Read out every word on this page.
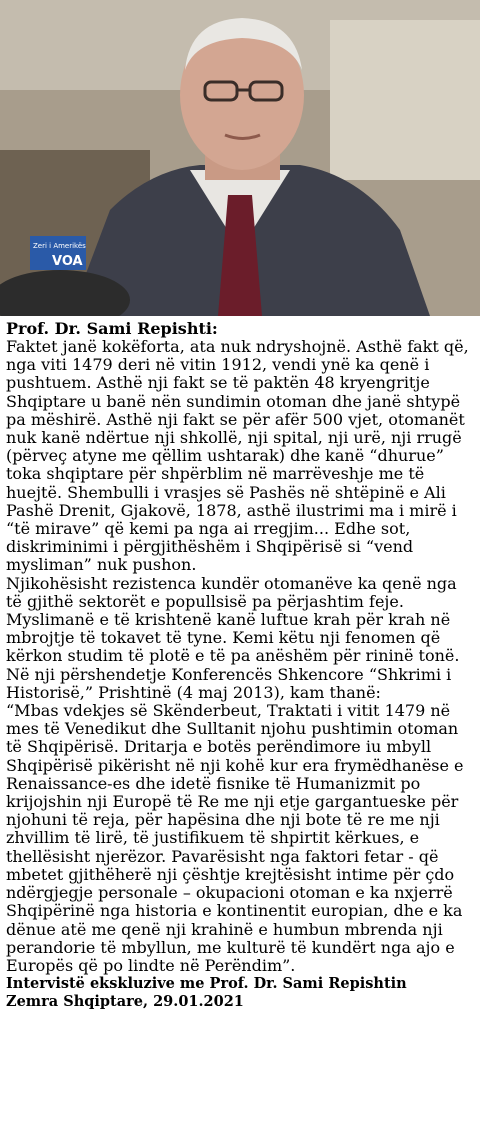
Zeri i Amerikës
VOA

Prof. Dr. Sami Repishti:

Faktet janë kokëforta, ata nuk ndryshojnë. Asthë fakt që, nga viti 1479 deri në vitin 1912, vendi ynë ka qenë i pushtuem. Asthë nji fakt se të paktën 48 kryengritje Shqiptare u banë nën sundimin otoman dhe janë shtypë pa mëshirë. Asthë nji fakt se për afër 500 vjet, otomanët nuk kanë ndërtue nji shkollë, nji spital, nji urë, nji rrugë (përveç atyne me qëllim ushtarak) dhe kanë “dhurue” toka shqiptare për shpërblim në marrëveshje me të huejtë. Shembulli i vrasjes së Pashës në shtëpinë e Ali Pashë Drenit, Gjakovë, 1878, asthë ilustrimi ma i mirë i “të mirave” që kemi pa nga ai rregjim... Edhe sot, diskriminimi i përgjithëshëm i Shqipërisë si “vend mysliman” nuk pushon.

Njikohësisht rezistenca kundër otomanëve ka qenë nga të gjithë sektorët e popullsisë pa përjashtim feje. Myslimanë e të krishtenë kanë luftue krah për krah në mbrojtje të tokavet të tyne. Kemi këtu nji fenomen që kërkon studim të plotë e të pa anëshëm për rininë tonë.

Në nji përshendetje Konferencës Shkencore “Shkrimi i Historisë,” Prishtinë (4 maj 2013), kam thanë:

“Mbas vdekjes së Skënderbeut, Traktati i vitit 1479 në mes të Venedikut dhe Sulltanit njohu pushtimin otoman të Shqipërisë. Dritarja e botës perëndimore iu mbyll Shqipërisë pikërisht në nji kohë kur era frymëdhanëse e Renaissance-es dhe idetë fisnike të Humanizmit po krijojshin nji Europë të Re me nji etje gargantueske për njohuni të reja, për hapësina dhe nji bote të re me nji zhvillim të lirë, të justifikuem të shpirtit kërkues, e thellësisht njerëzor. Pavarësisht nga faktori fetar - që mbetet gjithëherë nji çështje krejtësisht intime për çdo ndërgjegje personale – okupacioni otoman e ka nxjerrë Shqipërinë nga historia e kontinentit europian, dhe e ka dënue atë me qenë nji krahinë e humbun mbrenda nji perandorie të mbyllun, me kulturë të kundërt nga ajo e Europës që po lindte në Perëndim”.

Intervistë ekskluzive me Prof. Dr. Sami Repishtin

Zemra Shqiptare, 29.01.2021
